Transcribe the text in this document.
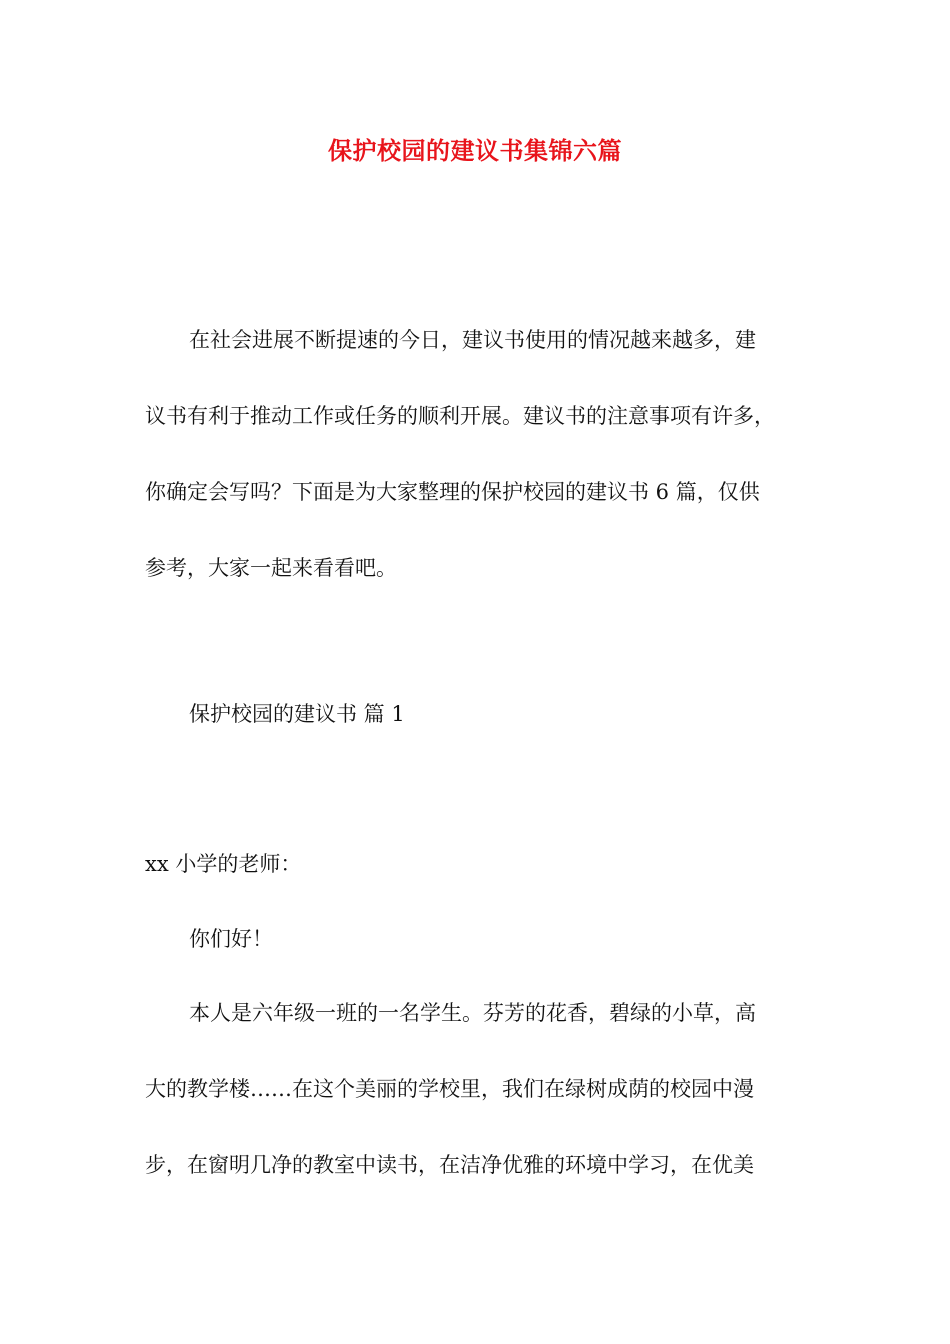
保护校园的建议书集锦六篇
在社会进展不断提速的今日，建议书使用的情况越来越多，建
议书有利于推动工作或任务的顺利开展。建议书的注意事项有许多，
你确定会写吗？下面是为大家整理的保护校园的建议书 6 篇，仅供
参考，大家一起来看看吧。
保护校园的建议书 篇 1
xx 小学的老师：
你们好！
本人是六年级一班的一名学生。芬芳的花香，碧绿的小草，高
大的教学楼……在这个美丽的学校里，我们在绿树成荫的校园中漫
步，在窗明几净的教室中读书，在洁净优雅的环境中学习，在优美
